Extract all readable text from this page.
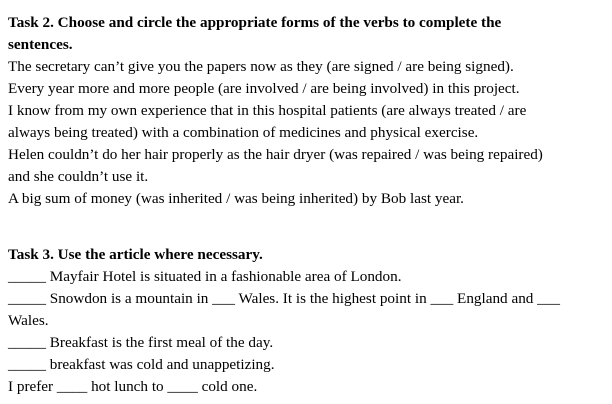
Task 2. Choose and circle the appropriate forms of the verbs to complete the

sentences.

The secretary can’t give you the papers now as they (are signed / are being signed).

Every year more and more people (are involved / are being involved) in this project.

I know from my own experience that in this hospital patients (are always treated / are

always being treated) with a combination of medicines and physical exercise.

Helen couldn’t do her hair properly as the hair dryer (was repaired / was being repaired)

and she couldn’t use it.

A big sum of money (was inherited / was being inherited) by Bob last year.

Task 3. Use the article where necessary.

_____ Mayfair Hotel is situated in a fashionable area of London.

_____ Snowdon is a mountain in ___ Wales. It is the highest point in ___ England and ___

Wales.

_____ Breakfast is the first meal of the day.

_____ breakfast was cold and unappetizing.

I prefer ____ hot lunch to ____ cold one.
